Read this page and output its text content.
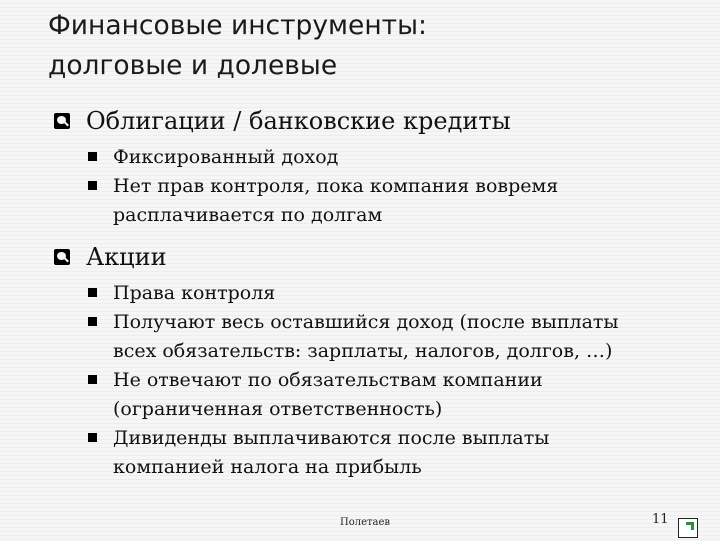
Финансовые инструменты:
долговые и долевые
Облигации / банковские кредиты
Фиксированный доход
Нет прав контроля, пока компания вовремя
расплачивается по долгам
Акции
Права контроля
Получают весь оставшийся доход (после выплаты
всех обязательств: зарплаты, налогов, долгов, …)
Не отвечают по обязательствам компании
(ограниченная ответственность)
Дивиденды выплачиваются после выплаты
компанией налога на прибыль
Полетаев	11
